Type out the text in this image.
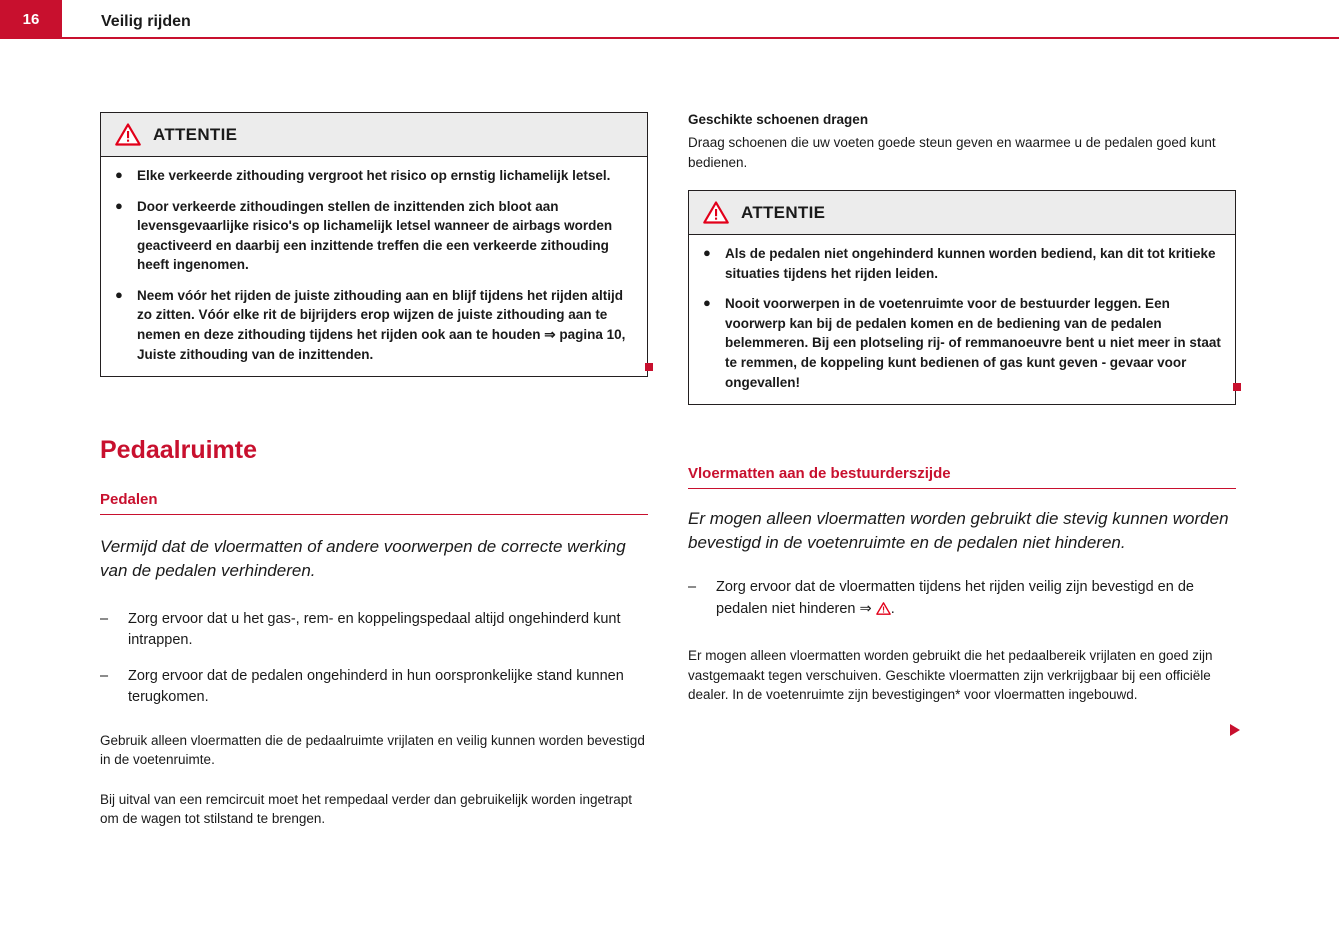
16	Veilig rijden
ATTENTIE
●	Elke verkeerde zithouding vergroot het risico op ernstig lichamelijk letsel.
●	Door verkeerde zithoudingen stellen de inzittenden zich bloot aan levensgevaarlijke risico's op lichamelijk letsel wanneer de airbags worden geactiveerd en daarbij een inzittende treffen die een verkeerde zithouding heeft ingenomen.
●	Neem vóór het rijden de juiste zithouding aan en blijf tijdens het rijden altijd zo zitten. Vóór elke rit de bijrijders erop wijzen de juiste zithouding aan te nemen en deze zithouding tijdens het rijden ook aan te houden ⇒ pagina 10, Juiste zithouding van de inzittenden.
Pedaalruimte
Pedalen

Vermijd dat de vloermatten of andere voorwerpen de correcte werking van de pedalen verhinderen.

–	Zorg ervoor dat u het gas-, rem- en koppelingspedaal altijd ongehinderd kunt intrappen.
–	Zorg ervoor dat de pedalen ongehinderd in hun oorspronkelijke stand kunnen terugkomen.

Gebruik alleen vloermatten die de pedaalruimte vrijlaten en veilig kunnen worden bevestigd in de voetenruimte.

Bij uitval van een remcircuit moet het rempedaal verder dan gebruikelijk worden ingetrapt om de wagen tot stilstand te brengen.

Geschikte schoenen dragen

Draag schoenen die uw voeten goede steun geven en waarmee u de pedalen goed kunt bedienen.

ATTENTIE
●	Als de pedalen niet ongehinderd kunnen worden bediend, kan dit tot kritieke situaties tijdens het rijden leiden.
●	Nooit voorwerpen in de voetenruimte voor de bestuurder leggen. Een voorwerp kan bij de pedalen komen en de bediening van de pedalen belemmeren. Bij een plotseling rij- of remmanoeuvre bent u niet meer in staat te remmen, de koppeling kunt bedienen of gas kunt geven - gevaar voor ongevallen!
Vloermatten aan de bestuurderszijde

Er mogen alleen vloermatten worden gebruikt die stevig kunnen worden bevestigd in de voetenruimte en de pedalen niet hinderen.

–	Zorg ervoor dat de vloermatten tijdens het rijden veilig zijn bevestigd en de pedalen niet hinderen ⇒ .

Er mogen alleen vloermatten worden gebruikt die het pedaalbereik vrijlaten en goed zijn vastgemaakt tegen verschuiven. Geschikte vloermatten zijn verkrijgbaar bij een officiële dealer. In de voetenruimte zijn bevestigingen* voor vloermatten ingebouwd.
